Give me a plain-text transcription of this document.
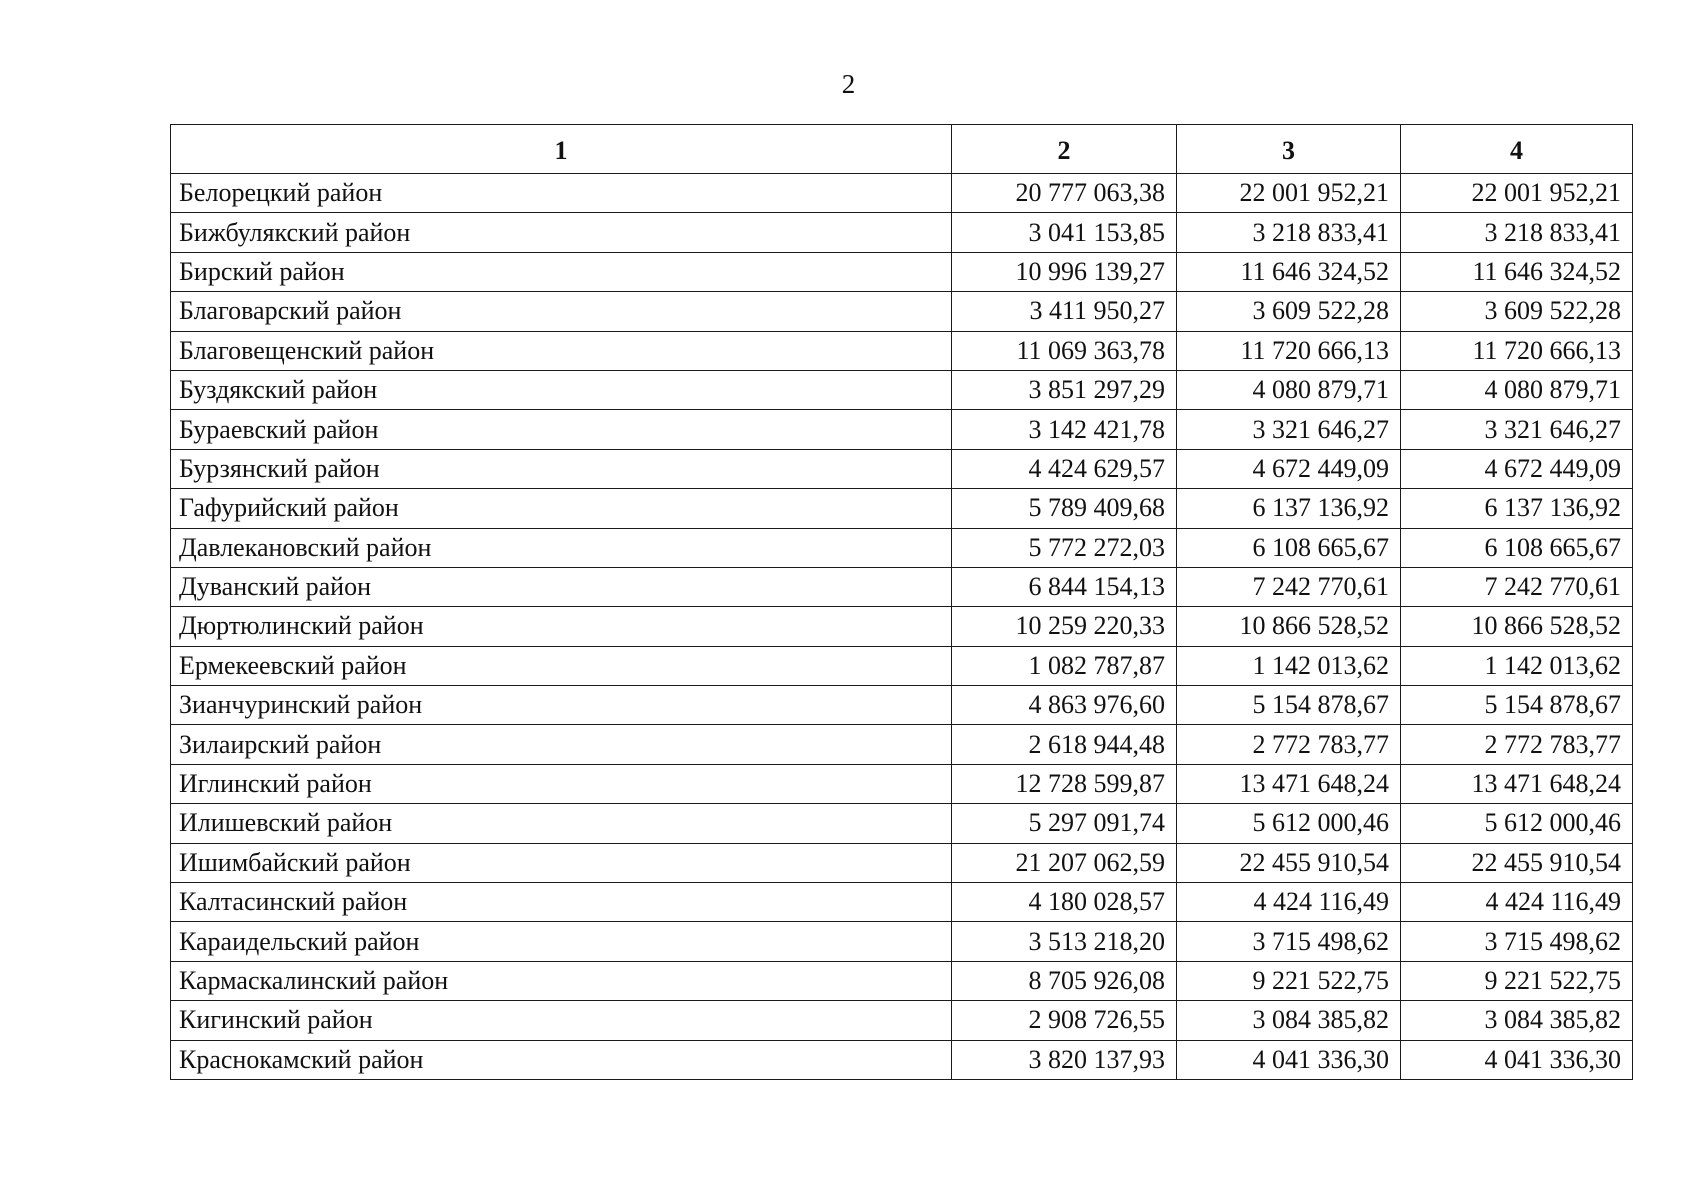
2
1	2	3	4
Белорецкий район	20 777 063,38	22 001 952,21	22 001 952,21
Бижбулякский район	3 041 153,85	3 218 833,41	3 218 833,41
Бирский район	10 996 139,27	11 646 324,52	11 646 324,52
Благоварский район	3 411 950,27	3 609 522,28	3 609 522,28
Благовещенский район	11 069 363,78	11 720 666,13	11 720 666,13
Буздякский район	3 851 297,29	4 080 879,71	4 080 879,71
Бураевский район	3 142 421,78	3 321 646,27	3 321 646,27
Бурзянский район	4 424 629,57	4 672 449,09	4 672 449,09
Гафурийский район	5 789 409,68	6 137 136,92	6 137 136,92
Давлекановский район	5 772 272,03	6 108 665,67	6 108 665,67
Дуванский район	6 844 154,13	7 242 770,61	7 242 770,61
Дюртюлинский район	10 259 220,33	10 866 528,52	10 866 528,52
Ермекеевский район	1 082 787,87	1 142 013,62	1 142 013,62
Зианчуринский район	4 863 976,60	5 154 878,67	5 154 878,67
Зилаирский район	2 618 944,48	2 772 783,77	2 772 783,77
Иглинский район	12 728 599,87	13 471 648,24	13 471 648,24
Илишевский район	5 297 091,74	5 612 000,46	5 612 000,46
Ишимбайский район	21 207 062,59	22 455 910,54	22 455 910,54
Калтасинский район	4 180 028,57	4 424 116,49	4 424 116,49
Караидельский район	3 513 218,20	3 715 498,62	3 715 498,62
Кармаскалинский район	8 705 926,08	9 221 522,75	9 221 522,75
Кигинский район	2 908 726,55	3 084 385,82	3 084 385,82
Краснокамский район	3 820 137,93	4 041 336,30	4 041 336,30
